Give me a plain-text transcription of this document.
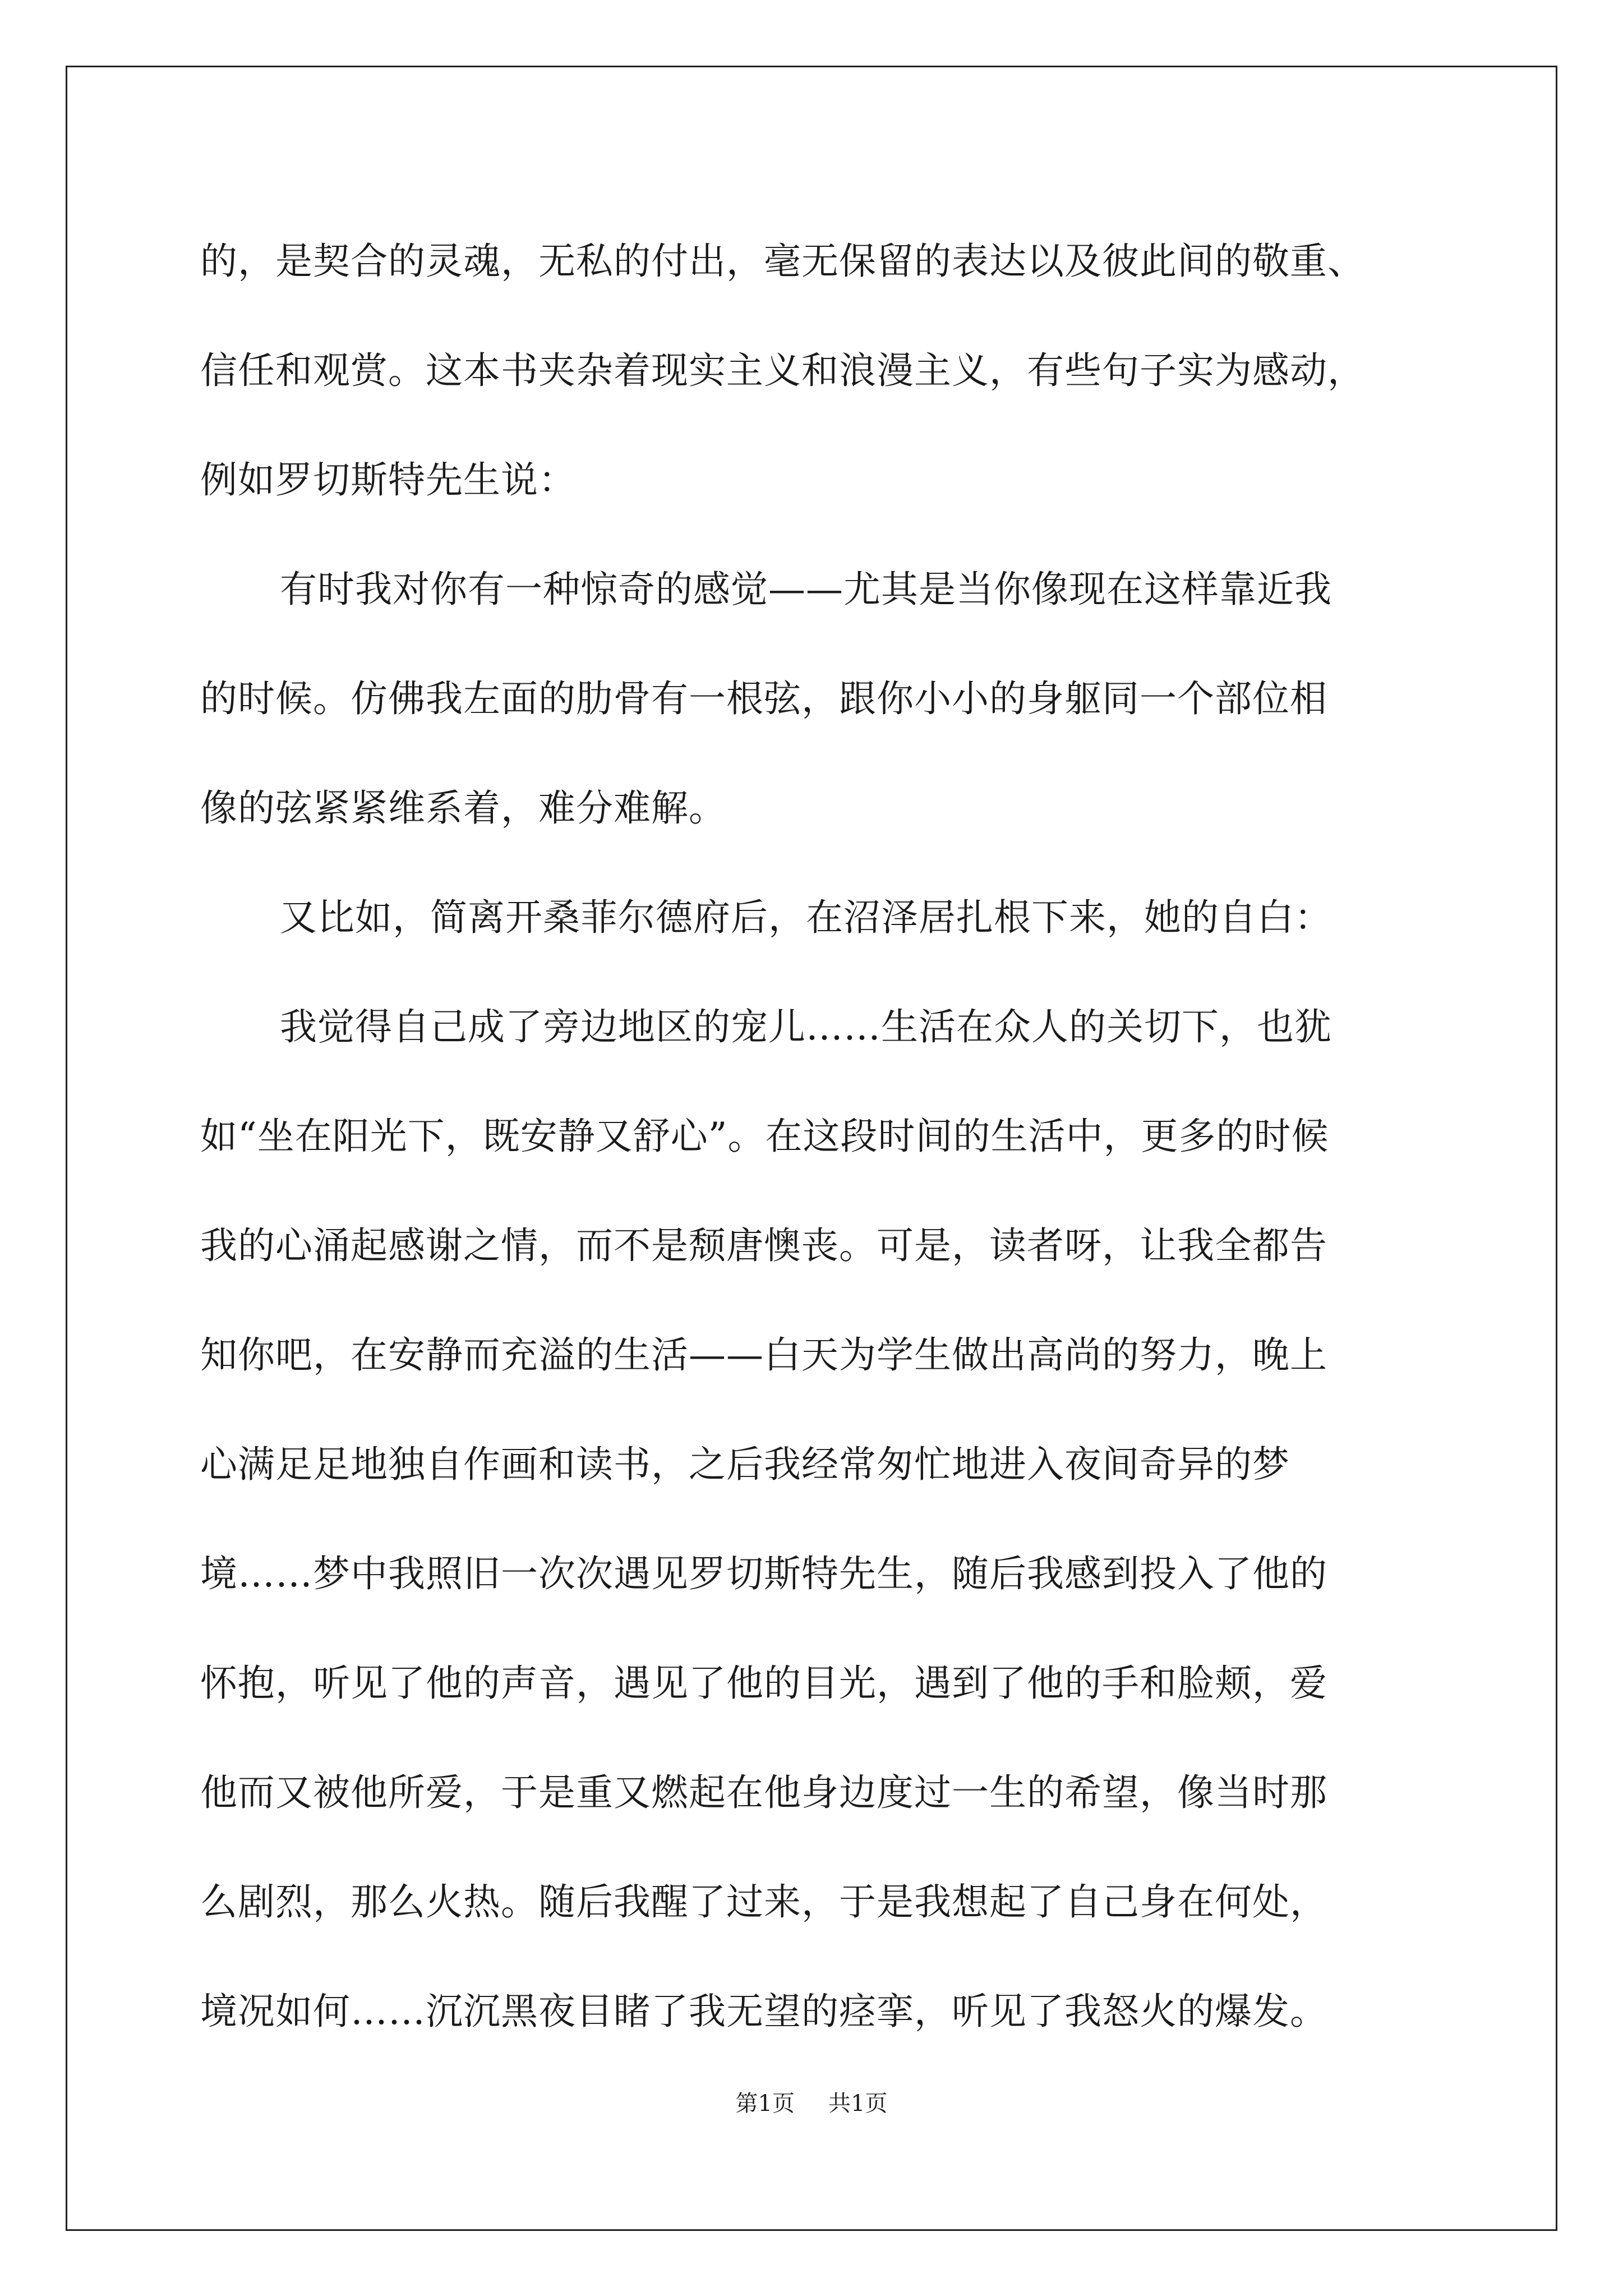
的，是契合的灵魂，无私的付出，毫无保留的表达以及彼此间的敬重、
信任和观赏。这本书夹杂着现实主义和浪漫主义，有些句子实为感动，
例如罗切斯特先生说：
有时我对你有一种惊奇的感觉——尤其是当你像现在这样靠近我
的时候。仿佛我左面的肋骨有一根弦，跟你小小的身躯同一个部位相
像的弦紧紧维系着，难分难解。
又比如，简离开桑菲尔德府后，在沼泽居扎根下来，她的自白：
我觉得自己成了旁边地区的宠儿……生活在众人的关切下，也犹
如“坐在阳光下，既安静又舒心”。在这段时间的生活中，更多的时候
我的心涌起感谢之情，而不是颓唐懊丧。可是，读者呀，让我全都告
知你吧，在安静而充溢的生活——白天为学生做出高尚的努力，晚上
心满足足地独自作画和读书，之后我经常匆忙地进入夜间奇异的梦
境……梦中我照旧一次次遇见罗切斯特先生，随后我感到投入了他的
怀抱，听见了他的声音，遇见了他的目光，遇到了他的手和脸颊，爱
他而又被他所爱，于是重又燃起在他身边度过一生的希望，像当时那
么剧烈，那么火热。随后我醒了过来，于是我想起了自己身在何处，
境况如何……沉沉黑夜目睹了我无望的痉挛，听见了我怒火的爆发。
第1页 共1页
